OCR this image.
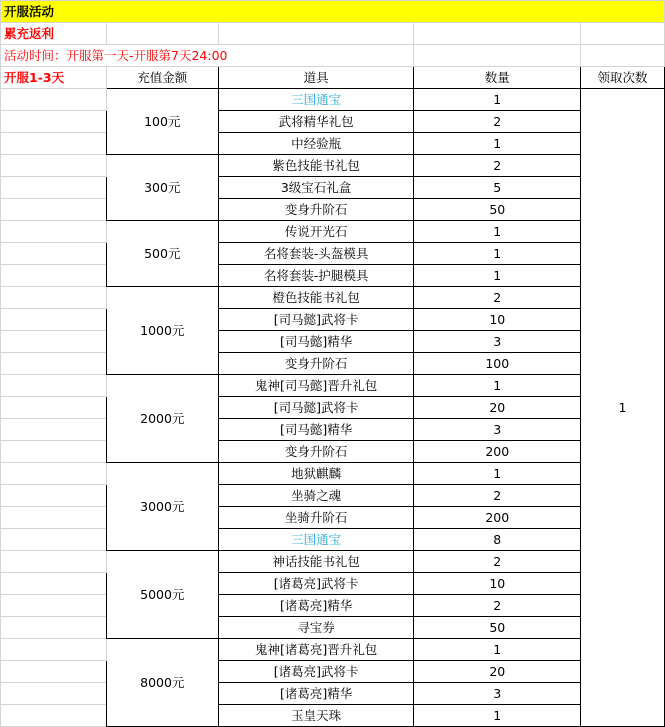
开服活动				
累充返利				
活动时间：开服第一天-开服第7天24:00				
开服1-3天	充值金额	道具	数量	领取次数
	100元	三国通宝	1	1
		武将精华礼包	2	
		中经验瓶	1	
	300元	紫色技能书礼包	2	
		3级宝石礼盒	5	
		变身升阶石	50	
	500元	传说开光石	1	
		名将套装-头盔模具	1	
		名将套装-护腿模具	1	
	1000元	橙色技能书礼包	2	
		[司马懿]武将卡	10	
		[司马懿]精华	3	
		变身升阶石	100	
	2000元	鬼神[司马懿]晋升礼包	1	
		[司马懿]武将卡	20	
		[司马懿]精华	3	
		变身升阶石	200	
	3000元	地狱麒麟	1	
		坐骑之魂	2	
		坐骑升阶石	200	
		三国通宝	8	
	5000元	神话技能书礼包	2	
		[诸葛亮]武将卡	10	
		[诸葛亮]精华	2	
		寻宝券	50	
	8000元	鬼神[诸葛亮]晋升礼包	1	
		[诸葛亮]武将卡	20	
		[诸葛亮]精华	3	
		玉皇天珠	1	
